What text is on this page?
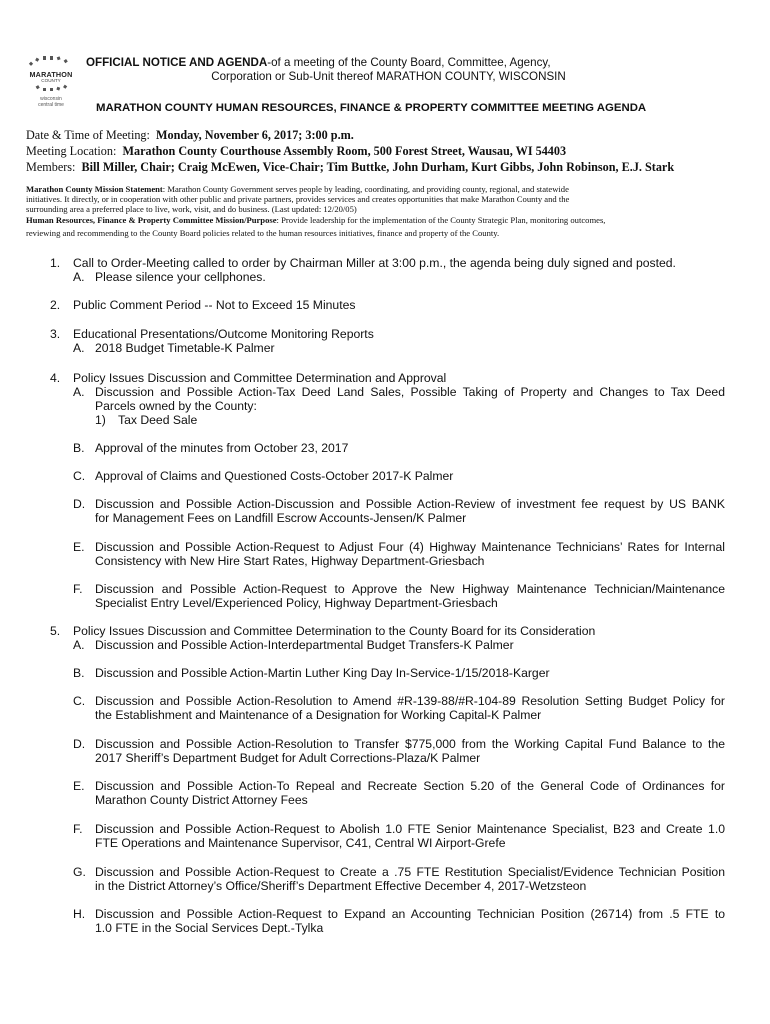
MARATHON
COUNTY
wisconsin
central time
OFFICIAL NOTICE AND AGENDA-of a meeting of the County Board, Committee, Agency,
Corporation or Sub-Unit thereof MARATHON COUNTY, WISCONSIN
MARATHON COUNTY HUMAN RESOURCES, FINANCE & PROPERTY COMMITTEE MEETING AGENDA
Date & Time of Meeting: Monday, November 6, 2017; 3:00 p.m.
Meeting Location: Marathon County Courthouse Assembly Room, 500 Forest Street, Wausau, WI 54403
Members: Bill Miller, Chair; Craig McEwen, Vice-Chair; Tim Buttke, John Durham, Kurt Gibbs, John Robinson, E.J. Stark
Marathon County Mission Statement: Marathon County Government serves people by leading, coordinating, and providing county, regional, and statewide
initiatives. It directly, or in cooperation with other public and private partners, provides services and creates opportunities that make Marathon County and the
surrounding area a preferred place to live, work, visit, and do business. (Last updated: 12/20/05)
Human Resources, Finance & Property Committee Mission/Purpose: Provide leadership for the implementation of the County Strategic Plan, monitoring outcomes,
reviewing and recommending to the County Board policies related to the human resources initiatives, finance and property of the County.
1. Call to Order-Meeting called to order by Chairman Miller at 3:00 p.m., the agenda being duly signed and posted.
A. Please silence your cellphones.
2. Public Comment Period -- Not to Exceed 15 Minutes
3. Educational Presentations/Outcome Monitoring Reports
A. 2018 Budget Timetable-K Palmer
4. Policy Issues Discussion and Committee Determination and Approval
A. Discussion and Possible Action-Tax Deed Land Sales, Possible Taking of Property and Changes to Tax Deed
Parcels owned by the County:
1) Tax Deed Sale
B. Approval of the minutes from October 23, 2017
C. Approval of Claims and Questioned Costs-October 2017-K Palmer
D. Discussion and Possible Action-Discussion and Possible Action-Review of investment fee request by US BANK
for Management Fees on Landfill Escrow Accounts-Jensen/K Palmer
E. Discussion and Possible Action-Request to Adjust Four (4) Highway Maintenance Technicians’ Rates for Internal
Consistency with New Hire Start Rates, Highway Department-Griesbach
F. Discussion and Possible Action-Request to Approve the New Highway Maintenance Technician/Maintenance
Specialist Entry Level/Experienced Policy, Highway Department-Griesbach
5. Policy Issues Discussion and Committee Determination to the County Board for its Consideration
A. Discussion and Possible Action-Interdepartmental Budget Transfers-K Palmer
B. Discussion and Possible Action-Martin Luther King Day In-Service-1/15/2018-Karger
C. Discussion and Possible Action-Resolution to Amend #R-139-88/#R-104-89 Resolution Setting Budget Policy for
the Establishment and Maintenance of a Designation for Working Capital-K Palmer
D. Discussion and Possible Action-Resolution to Transfer $775,000 from the Working Capital Fund Balance to the
2017 Sheriff’s Department Budget for Adult Corrections-Plaza/K Palmer
E. Discussion and Possible Action-To Repeal and Recreate Section 5.20 of the General Code of Ordinances for
Marathon County District Attorney Fees
F. Discussion and Possible Action-Request to Abolish 1.0 FTE Senior Maintenance Specialist, B23 and Create 1.0
FTE Operations and Maintenance Supervisor, C41, Central WI Airport-Grefe
G. Discussion and Possible Action-Request to Create a .75 FTE Restitution Specialist/Evidence Technician Position
in the District Attorney’s Office/Sheriff’s Department Effective December 4, 2017-Wetzsteon
H. Discussion and Possible Action-Request to Expand an Accounting Technician Position (26714) from .5 FTE to
1.0 FTE in the Social Services Dept.-Tylka
